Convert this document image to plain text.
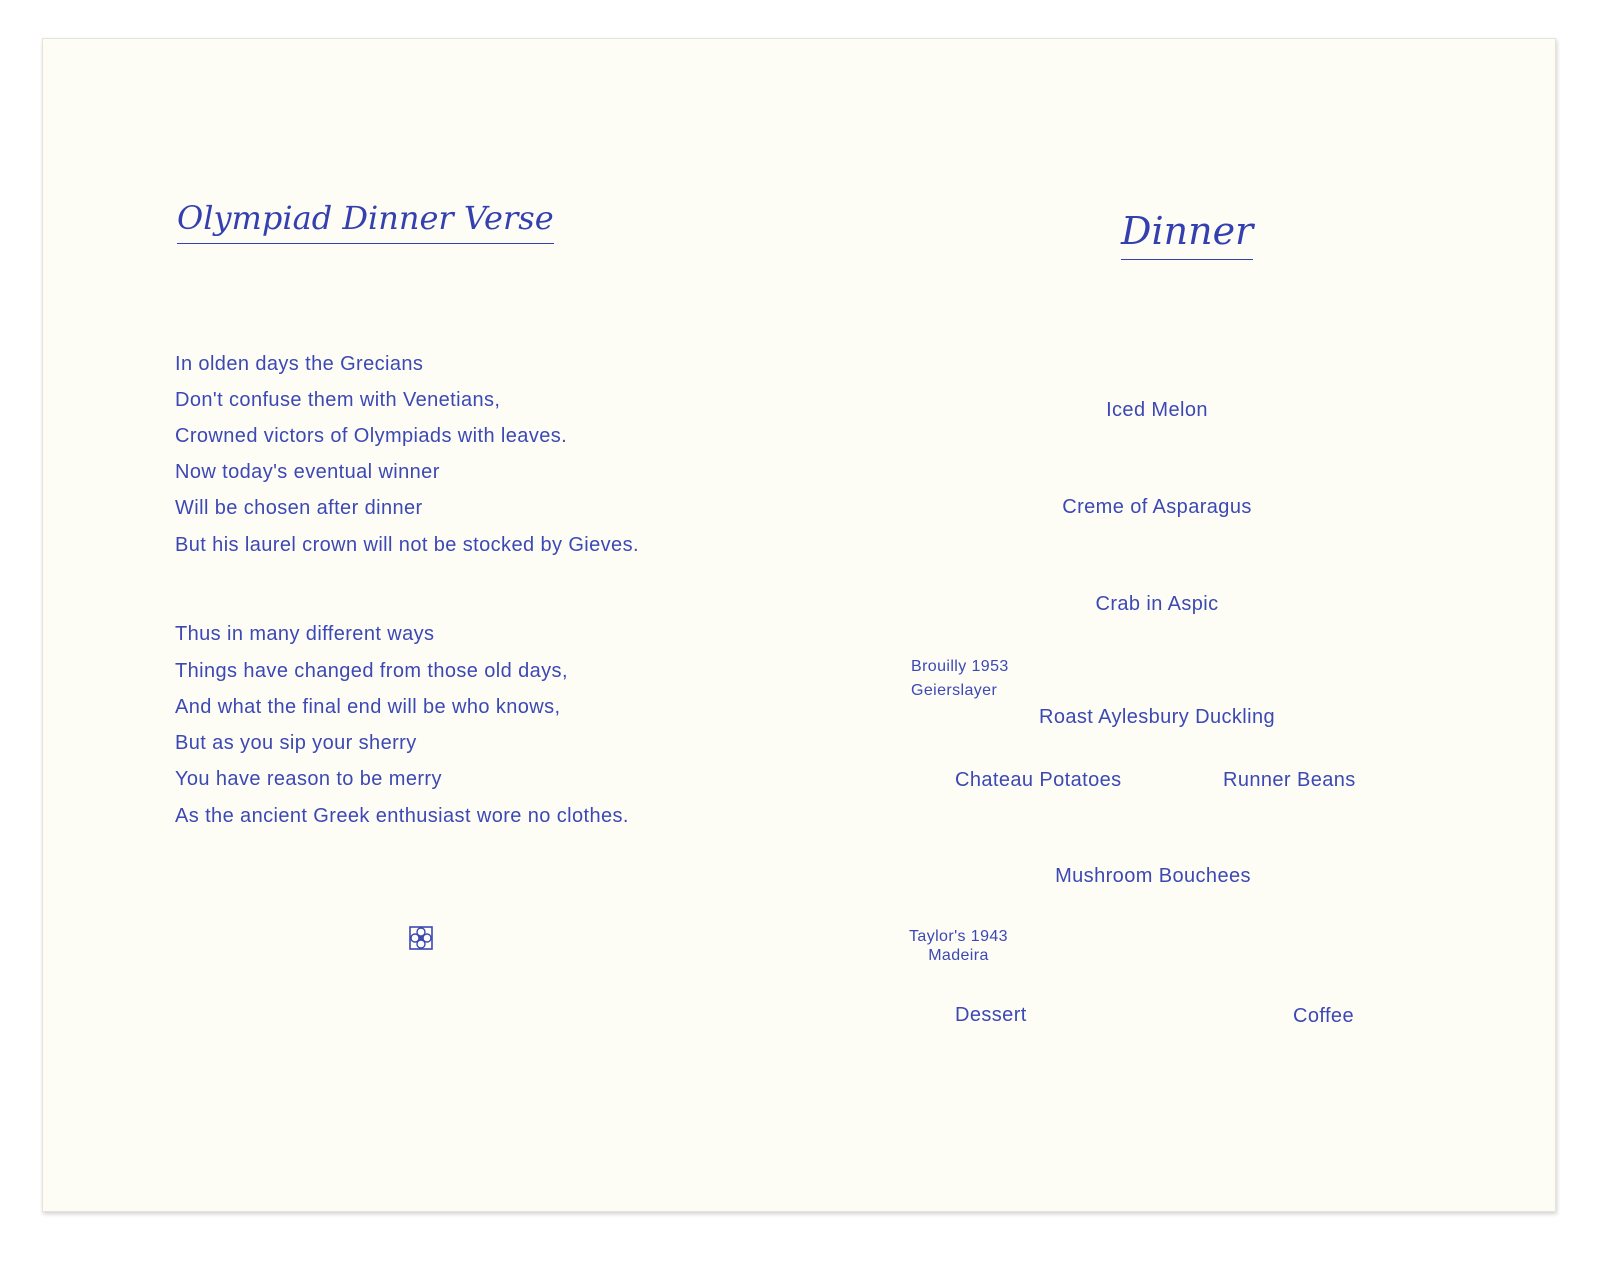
Olympiad Dinner Verse
In olden days the Grecians
Don't confuse them with Venetians,
Crowned victors of Olympiads with leaves.
Now today's eventual winner
Will be chosen after dinner
But his laurel crown will not be stocked by Gieves.
Thus in many different ways
Things have changed from those old days,
And what the final end will be who knows,
But as you sip your sherry
You have reason to be merry
As the ancient Greek enthusiast wore no clothes.
Dinner
Iced Melon
Creme of Asparagus
Crab in Aspic
Brouilly 1953
Geierslayer
Roast Aylesbury Duckling
Chateau Potatoes	Runner Beans
Mushroom Bouchees
Taylor's 1943
Madeira
Dessert	Coffee
